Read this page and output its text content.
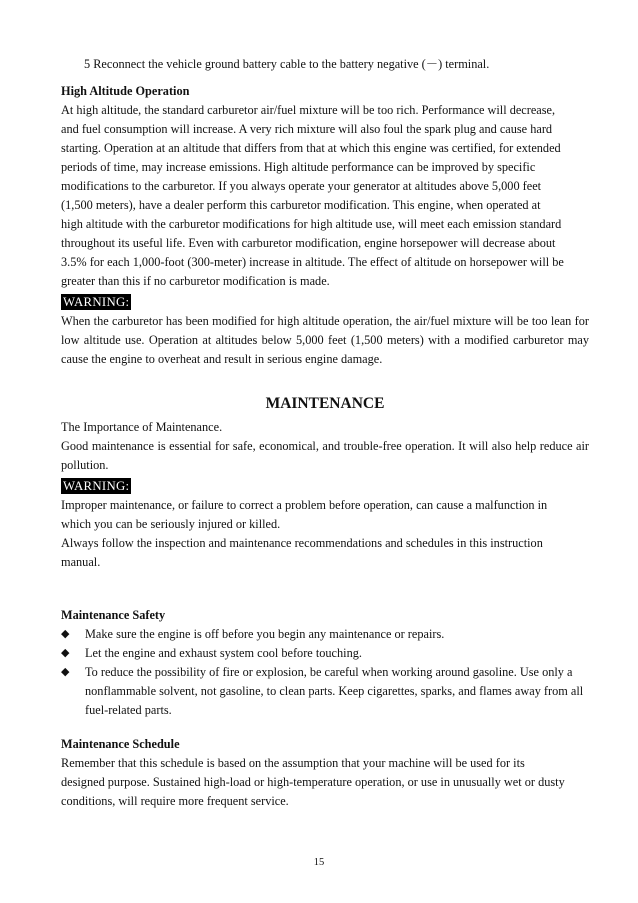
5 Reconnect the vehicle ground battery cable to the battery negative (－) terminal.
High Altitude Operation
At high altitude, the standard carburetor air/fuel mixture will be too rich. Performance will decrease,
and fuel consumption will increase. A very rich mixture will also foul the spark plug and cause hard
starting. Operation at an altitude that differs from that at which this engine was certified, for extended
periods of time, may increase emissions. High altitude performance can be improved by specific
modifications to the carburetor. If you always operate your generator at altitudes above 5,000 feet
(1,500 meters), have a dealer perform this carburetor modification. This engine, when operated at
high altitude with the carburetor modifications for high altitude use, will meet each emission standard
throughout its useful life. Even with carburetor modification, engine horsepower will decrease about
3.5% for each 1,000-foot (300-meter) increase in altitude. The effect of altitude on horsepower will be
greater than this if no carburetor modification is made.
WARNING:
When the carburetor has been modified for high altitude operation, the air/fuel mixture will be too lean for low altitude use. Operation at altitudes below 5,000 feet (1,500 meters) with a modified carburetor may cause the engine to overheat and result in serious engine damage.
MAINTENANCE
The Importance of Maintenance.
Good maintenance is essential for safe, economical, and trouble-free operation. It will also help reduce air pollution.
WARNING:
Improper maintenance, or failure to correct a problem before operation, can cause a malfunction in
which you can be seriously injured or killed.
Always follow the inspection and maintenance recommendations and schedules in this instruction
manual.
Maintenance Safety
◆ Make sure the engine is off before you begin any maintenance or repairs.
◆ Let the engine and exhaust system cool before touching.
◆ To reduce the possibility of fire or explosion, be careful when working around gasoline. Use only a nonflammable solvent, not gasoline, to clean parts. Keep cigarettes, sparks, and flames away from all fuel-related parts.
Maintenance Schedule
Remember that this schedule is based on the assumption that your machine will be used for its
designed purpose. Sustained high-load or high-temperature operation, or use in unusually wet or dusty
conditions, will require more frequent service.
15
